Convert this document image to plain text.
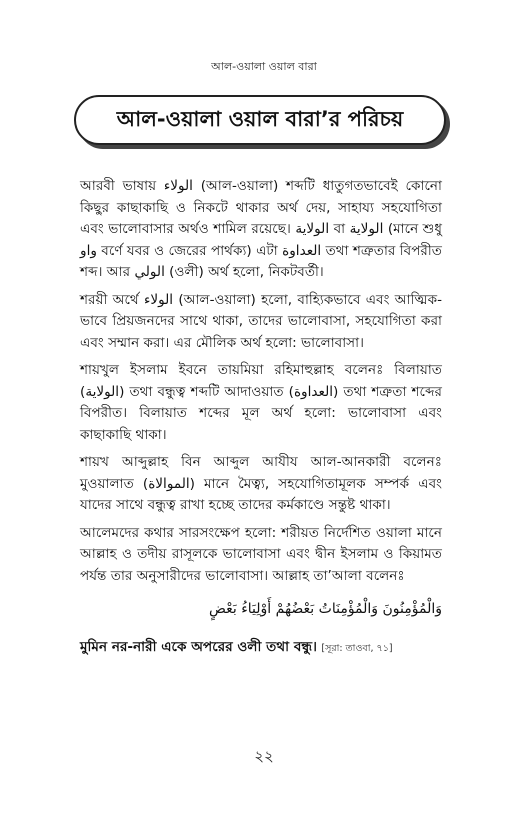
আল-ওয়ালা ওয়াল বারা
আল-ওয়ালা ওয়াল বারা’র পরিচয়

আরবী ভাষায় الولاء (আল-ওয়ালা) শব্দটি ধাতুগতভাবেই কোনো কিছুর কাছাকাছি ও নিকটে থাকার অর্থ দেয়, সাহায্য সহযোগিতা এবং ভালোবাসার অর্থও শামিল রয়েছে। الولاية বা الولاية (মানে শুধু واو বর্ণে যবর ও জেরের পার্থক্য) এটা العداوة তথা শত্রুতার বিপরীত শব্দ। আর الولي (ওলী) অর্থ হলো, নিকটবর্তী।

শরয়ী অর্থে الولاء (আল-ওয়ালা) হলো, বাহ্যিকভাবে এবং আত্মিক-ভাবে প্রিয়জনদের সাথে থাকা, তাদের ভালোবাসা, সহযোগিতা করা এবং সম্মান করা। এর মৌলিক অর্থ হলো: ভালোবাসা।

শায়খুল ইসলাম ইবনে তায়মিয়া রহিমাহুল্লাহ বলেনঃ বিলায়াত (الولاية) তথা বন্ধুত্ব শব্দটি আদাওয়াত (العداوة) তথা শত্রুতা শব্দের বিপরীত। বিলায়াত শব্দের মূল অর্থ হলো: ভালোবাসা এবং কাছাকাছি থাকা।

শায়খ আব্দুল্লাহ বিন আব্দুল আযীয আল-আনকারী বলেনঃ মুওয়ালাত (الموالاة) মানে মৈত্ব্য, সহযোগিতামূলক সম্পর্ক এবং যাদের সাথে বন্ধুত্ব রাখা হচ্ছে তাদের কর্মকাণ্ডে সন্তুষ্ট থাকা।

আলেমদের কথার সারসংক্ষেপ হলো: শরীয়ত নির্দেশিত ওয়ালা মানে আল্লাহ ও তদীয় রাসূলকে ভালোবাসা এবং দ্বীন ইসলাম ও কিয়ামত পর্যন্ত তার অনুসারীদের ভালোবাসা। আল্লাহ তা’আলা বলেনঃ

وَالْمُؤْمِنُونَ وَالْمُؤْمِنَاتُ بَعْضُهُمْ أَوْلِيَاءُ بَعْضٍ
মুমিন নর-নারী একে অপরের ওলী তথা বন্ধু। [সূরা: তাওবা, ৭১]
২২
